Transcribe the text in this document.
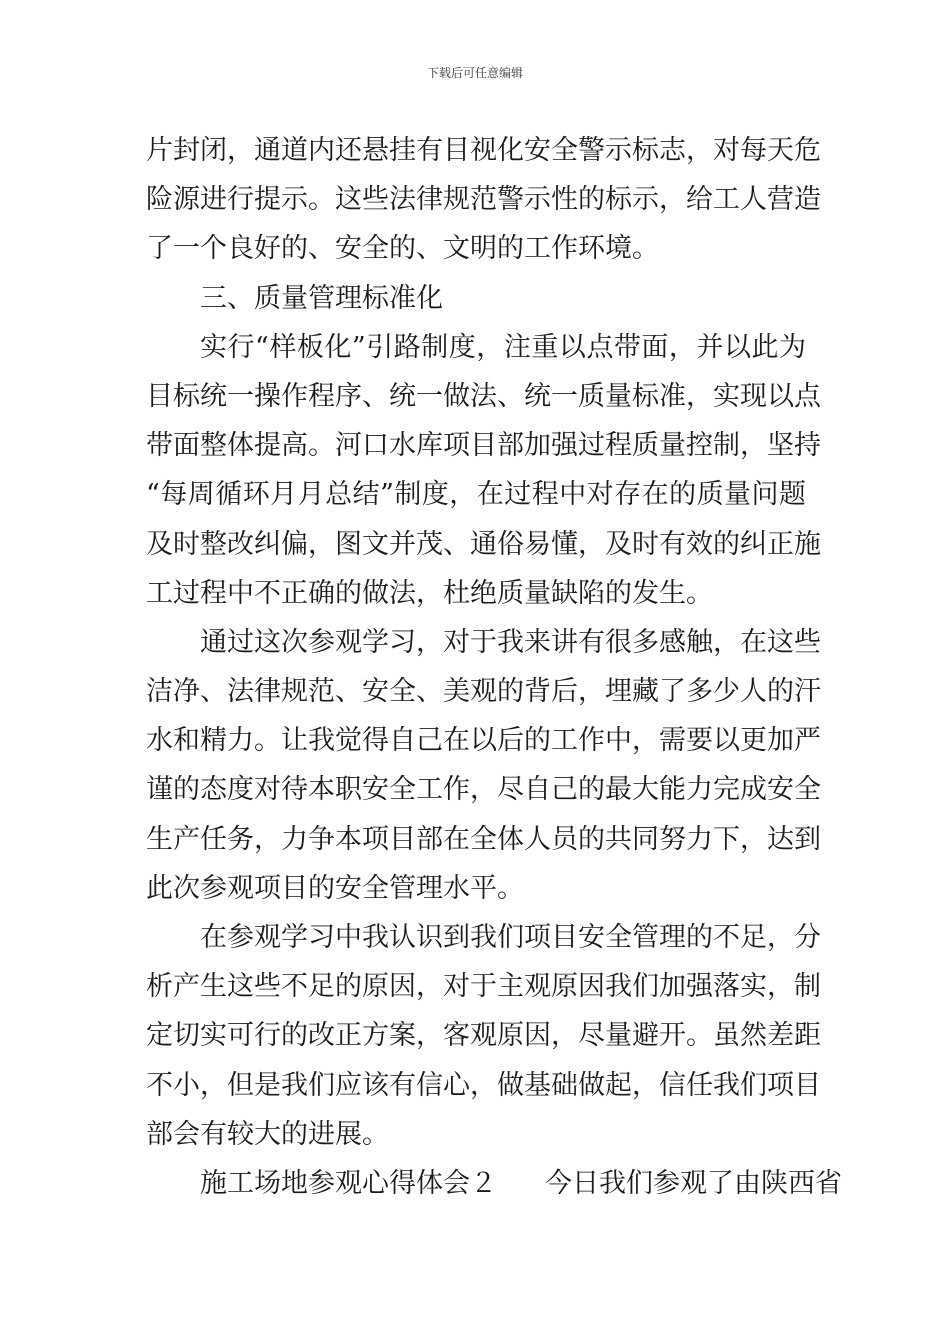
下载后可任意编辑
片封闭，通道内还悬挂有目视化安全警示标志，对每天危
险源进行提示。这些法律规范警示性的标示，给工人营造
了一个良好的、安全的、文明的工作环境。
三、质量管理标准化
实行“样板化”引路制度，注重以点带面，并以此为
目标统一操作程序、统一做法、统一质量标准，实现以点
带面整体提高。河口水库项目部加强过程质量控制，坚持
“每周循环月月总结”制度，在过程中对存在的质量问题
及时整改纠偏，图文并茂、通俗易懂，及时有效的纠正施
工过程中不正确的做法，杜绝质量缺陷的发生。
通过这次参观学习，对于我来讲有很多感触，在这些
洁净、法律规范、安全、美观的背后，埋藏了多少人的汗
水和精力。让我觉得自己在以后的工作中，需要以更加严
谨的态度对待本职安全工作，尽自己的最大能力完成安全
生产任务，力争本项目部在全体人员的共同努力下，达到
此次参观项目的安全管理水平。
在参观学习中我认识到我们项目安全管理的不足，分
析产生这些不足的原因，对于主观原因我们加强落实，制
定切实可行的改正方案，客观原因，尽量避开。虽然差距
不小，但是我们应该有信心，做基础做起，信任我们项目
部会有较大的进展。
施工场地参观心得体会２ 今日我们参观了由陕西省
